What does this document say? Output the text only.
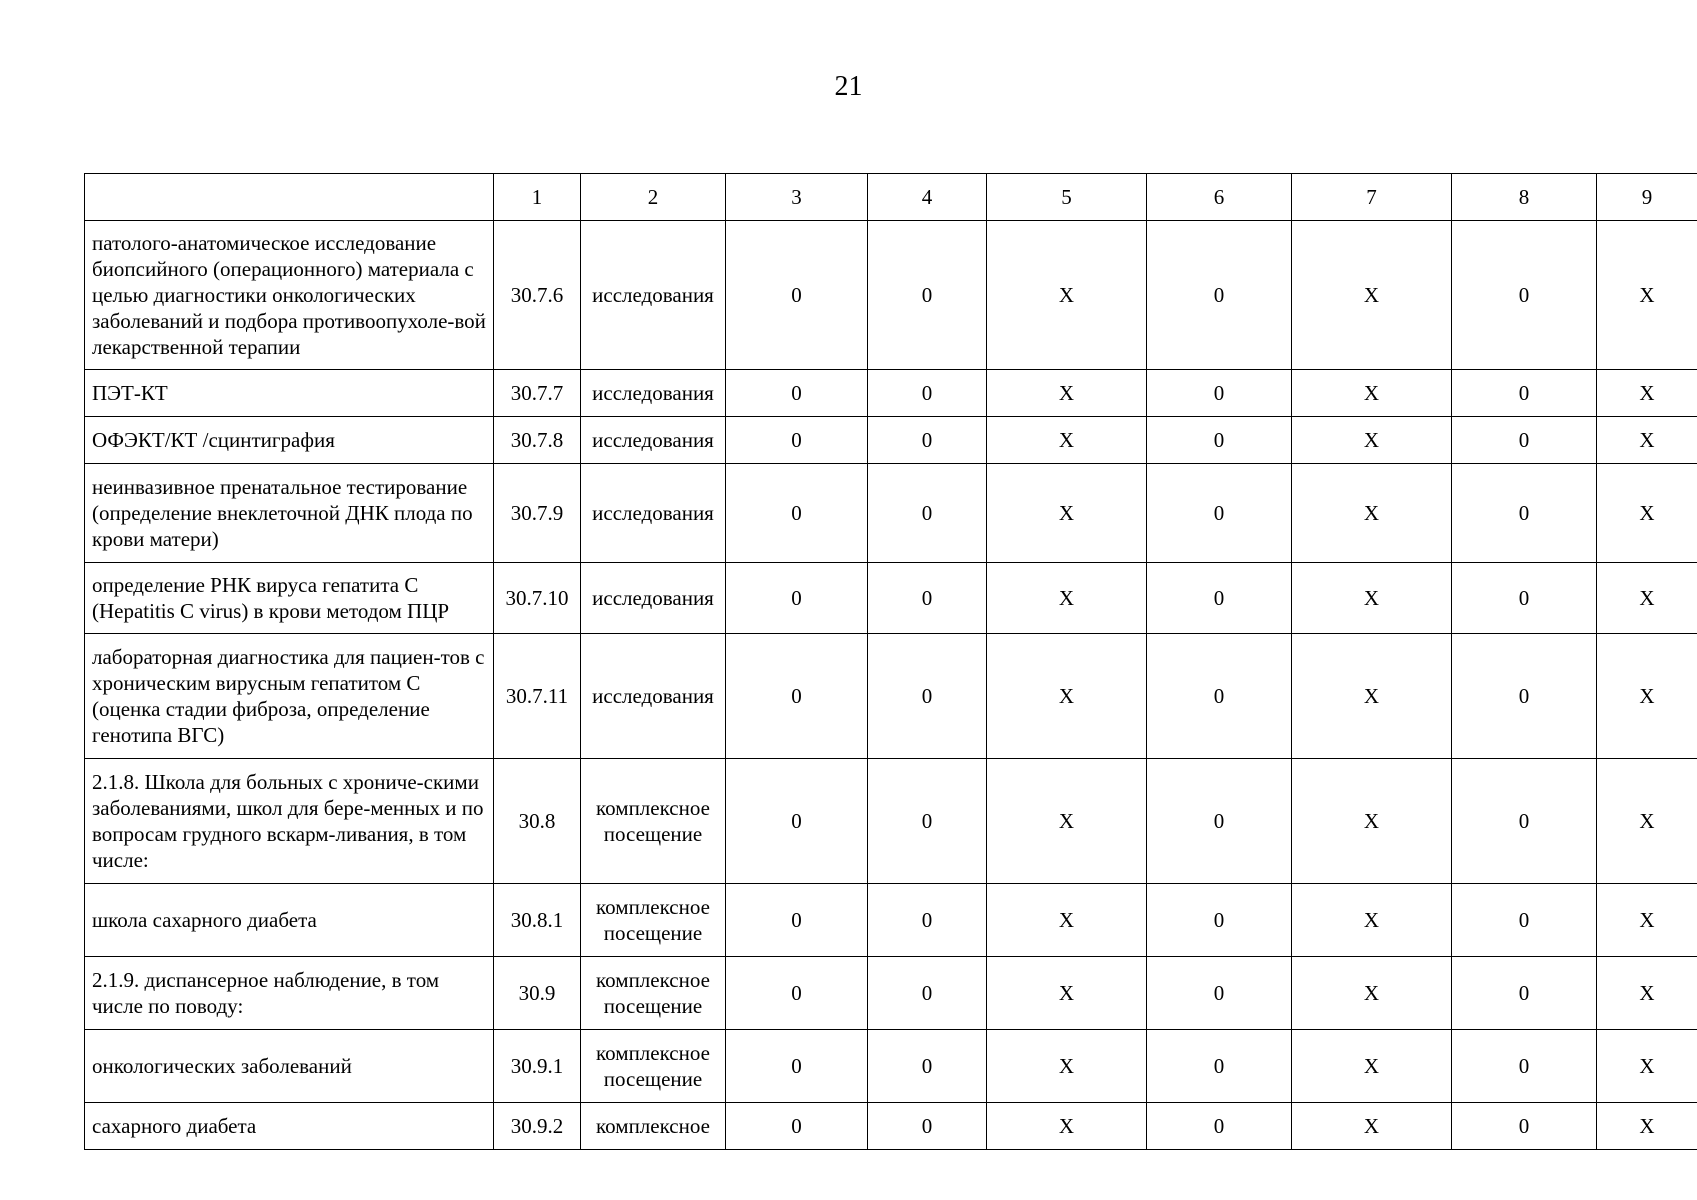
21
	1	2	3	4	5	6	7	8	9
патолого-анатомическое исследование биопсийного (операционного) материала с целью диагностики онкологических заболеваний и подбора противоопухоле-вой лекарственной терапии	30.7.6	исследования	0	0	X	0	X	0	X
ПЭТ-КТ	30.7.7	исследования	0	0	X	0	X	0	X
ОФЭКТ/КТ /сцинтиграфия	30.7.8	исследования	0	0	X	0	X	0	X
неинвазивное пренатальное тестирование (определение внеклеточной ДНК плода по крови матери)	30.7.9	исследования	0	0	X	0	X	0	X
определение РНК вируса гепатита С (Hepatitis C virus) в крови методом ПЦР	30.7.10	исследования	0	0	X	0	X	0	X
лабораторная диагностика для пациен-тов с хроническим вирусным гепатитом С (оценка стадии фиброза, определение генотипа ВГС)	30.7.11	исследования	0	0	X	0	X	0	X
2.1.8. Школа для больных с хрониче-скими заболеваниями, школ для бере-менных и по вопросам грудного вскарм-ливания, в том числе:	30.8	комплексное посещение	0	0	X	0	X	0	X
школа сахарного диабета	30.8.1	комплексное посещение	0	0	X	0	X	0	X
2.1.9. диспансерное наблюдение, в том числе по поводу:	30.9	комплексное посещение	0	0	X	0	X	0	X
онкологических заболеваний	30.9.1	комплексное посещение	0	0	X	0	X	0	X
сахарного диабета	30.9.2	комплексное	0	0	X	0	X	0	X
